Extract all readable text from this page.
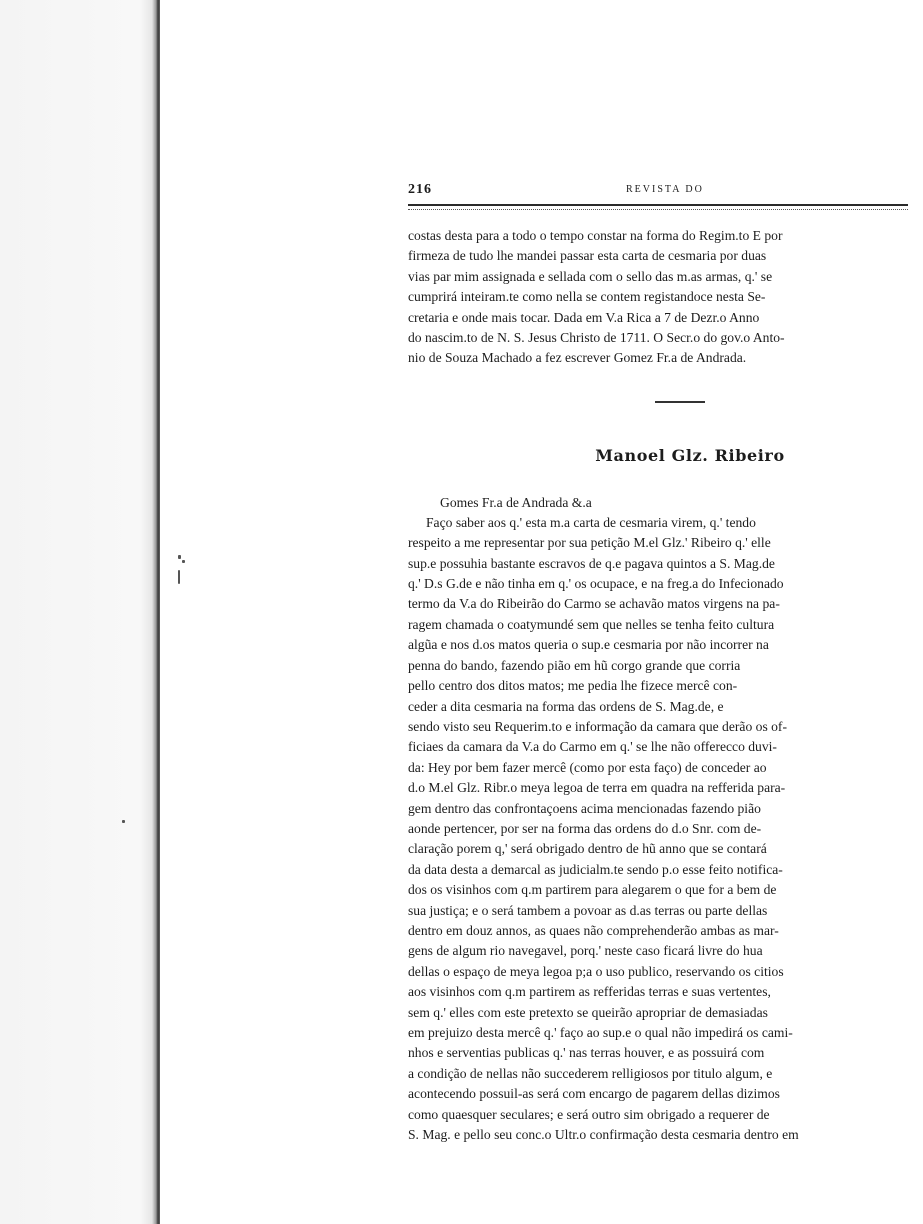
216	REVISTA DO

costas desta para a todo o tempo constar na forma do Regim.to E por

firmeza de tudo lhe mandei passar esta carta de cesmaria por duas

vias par mim assignada e sellada com o sello das m.as armas, q.' se

cumprirá inteiram.te como nella se contem registandoce nesta Se-

cretaria e onde mais tocar. Dada em V.a Rica a 7 de Dezr.o Anno

do nascim.to de N. S. Jesus Christo de 1711. O Secr.o do gov.o Anto-

nio de Souza Machado a fez escrever Gomez Fr.a de Andrada.

Manoel Glz. Ribeiro
Gomes Fr.a de Andrada &.a

Faço saber aos q.' esta m.a carta de cesmaria virem, q.' tendo

respeito a me representar por sua petição M.el Glz.' Ribeiro q.' elle

sup.e possuhia bastante escravos de q.e pagava quintos a S. Mag.de

q.' D.s G.de e não tinha em q.' os ocupace, e na freg.a do Infecionado

termo da V.a do Ribeirão do Carmo se achavão matos virgens na pa-

ragem chamada o coatymundé sem que nelles se tenha feito cultura

algũa e nos d.os matos queria o sup.e cesmaria por não incorrer na

penna do bando, fazendo pião em hũ corgo grande que corria

pello centro dos ditos matos; me pedia lhe fizece mercê con-

ceder a dita cesmaria na forma das ordens de S. Mag.de, e

sendo visto seu Requerim.to e informação da camara que derão os of-

ficiaes da camara da V.a do Carmo em q.' se lhe não offerecco duvi-

da: Hey por bem fazer mercê (como por esta faço) de conceder ao

d.o M.el Glz. Ribr.o meya legoa de terra em quadra na refferida para-

gem dentro das confrontaçoens acima mencionadas fazendo pião

aonde pertencer, por ser na forma das ordens do d.o Snr. com de-

claração porem q,' será obrigado dentro de hũ anno que se contará

da data desta a demarcal as judicialm.te sendo p.o esse feito notifica-

dos os visinhos com q.m partirem para alegarem o que for a bem de

sua justiça; e o será tambem a povoar as d.as terras ou parte dellas

dentro em douz annos, as quaes não comprehenderão ambas as mar-

gens de algum rio navegavel, porq.' neste caso ficará livre do hua

dellas o espaço de meya legoa p;a o uso publico, reservando os citios

aos visinhos com q.m partirem as refferidas terras e suas vertentes,

sem q.' elles com este pretexto se queirão apropriar de demasiadas

em prejuizo desta mercê q.' faço ao sup.e o qual não impedirá os cami-

nhos e serventias publicas q.' nas terras houver, e as possuirá com

a condição de nellas não succederem relligiosos por titulo algum, e

acontecendo possuil-as será com encargo de pagarem dellas dizimos

como quaesquer seculares; e será outro sim obrigado a requerer de

S. Mag. e pello seu conc.o Ultr.o confirmação desta cesmaria dentro em
